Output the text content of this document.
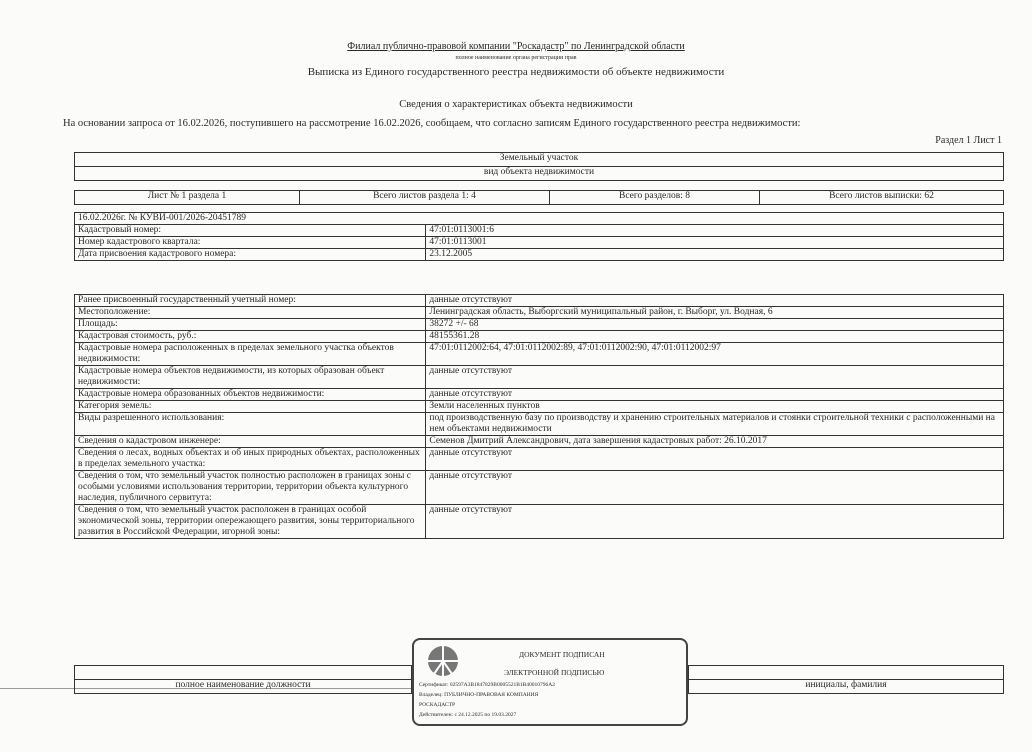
Филиал публично-правовой компании "Роскадастр" по Ленинградской области
полное наименование органа регистрации прав
Выписка из Единого государственного реестра недвижимости об объекте недвижимости
Сведения о характеристиках объекта недвижимости
На основании запроса от 16.02.2026, поступившего на рассмотрение 16.02.2026, сообщаем, что согласно записям Единого государственного реестра недвижимости:
Раздел 1 Лист 1
Земельный участок
вид объекта недвижимости
Лист № 1 раздела 1	Всего листов раздела 1: 4	Всего разделов: 8	Всего листов выписки: 62
16.02.2026г. № КУВИ-001/2026-20451789	
Кадастровый номер:	47:01:0113001:6
Номер кадастрового квартала:	47:01:0113001
Дата присвоения кадастрового номера:	23.12.2005
Ранее присвоенный государственный учетный номер:	данные отсутствуют
Местоположение:	Ленинградская область, Выборгский муниципальный район, г. Выборг, ул. Водная, 6
Площадь:	38272 +/- 68
Кадастровая стоимость, руб.:	48155361.28
Кадастровые номера расположенных в пределах земельного участка объектов недвижимости:	47:01:0112002:64, 47:01:0112002:89, 47:01:0112002:90, 47:01:0112002:97
Кадастровые номера объектов недвижимости, из которых образован объект недвижимости:	данные отсутствуют
Кадастровые номера образованных объектов недвижимости:	данные отсутствуют
Категория земель:	Земли населенных пунктов
Виды разрешенного использования:	под производственную базу по производству и хранению строительных материалов и стоянки строительной техники с расположенными на нем объектами недвижимости
Сведения о кадастровом инженере:	Семенов Дмитрий Александрович, дата завершения кадастровых работ: 26.10.2017
Сведения о лесах, водных объектах и об иных природных объектах, расположенных в пределах земельного участка:	данные отсутствуют
Сведения о том, что земельный участок полностью расположен в границах зоны с особыми условиями использования территории, территории объекта культурного наследия, публичного сервитута:	данные отсутствуют
Сведения о том, что земельный участок расположен в границах особой экономической зоны, территории опережающего развития, зоны территориального развития в Российской Федерации, игорной зоны:	данные отсутствуют

полное наименование должности		инициалы, фамилия
ДОКУМЕНТ ПОДПИСАН
ЭЛЕКТРОННОЙ ПОДПИСЬЮ
Сертификат: 02597A3B1847829B0005521B1B40010796A2
Владелец: ПУБЛИЧНО-ПРАВОВАЯ КОМПАНИЯ
РОСКАДАСТР
Действителен: с 24.12.2025 по 19.03.2027
